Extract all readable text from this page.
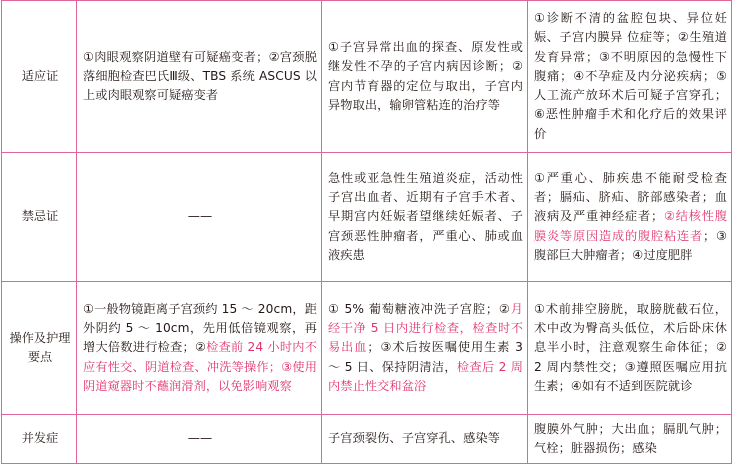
适应证	①肉眼观察阴道壁有可疑癌变者；②宫颈脱落细胞检查巴氏Ⅲ级、TBS 系统 ASCUS 以上或肉眼观察可疑癌变者	①子宫异常出血的探查、原发性或继发性不孕的子宫内病因诊断；②宫内节育器的定位与取出，子宫内异物取出，输卵管粘连的治疗等	①诊断不清的盆腔包块、异位妊娠、子宫内膜异 位症等；②生殖道发育异常；③不明原因的急慢性下腹痛；④不孕症及内分泌疾病；⑤人工流产放环术后可疑子宫穿孔；⑥恶性肿瘤手术和化疗后的效果评价
禁忌证	——	急性或亚急性生殖道炎症，活动性子宫出血者、近期有子宫手术者、早期宫内妊娠者望继续妊娠者、子宫颈恶性肿瘤者，严重心、肺或血液疾患	①严重心、肺疾患不能耐受检查者；膈疝、脐疝、脐部感染者；血液病及严重神经症者；②结核性腹膜炎等原因造成的腹腔粘连者；③腹部巨大肿瘤者；④过度肥胖
操作及护理要点	①一般物镜距离子宫颈约 15 ～ 20cm，距外阴约 5 ～ 10cm，先用低倍镜观察，再增大倍数进行检查；②检查前 24 小时内不应有性交、阴道检查、冲洗等操作；③使用阴道窥器时不蘸润滑剂，以免影响观察	① 5% 葡萄糖液冲洗子宫腔；②月经干净 5 日内进行检查，检查时不易出血；③术后按医嘱使用生素 3 ～ 5 日、保持阴清洁，检查后 2 周内禁止性交和盆浴	①术前排空膀胱，取膀胱截石位，术中改为臀高头低位，术后卧床休息半小时，注意观察生命体征；② 2 周内禁性交；③遵照医嘱应用抗生素；④如有不适到医院就诊
并发症	——	子宫颈裂伤、子宫穿孔、感染等	腹膜外气肿；大出血；膈肌气肿；气栓；脏器损伤；感染
